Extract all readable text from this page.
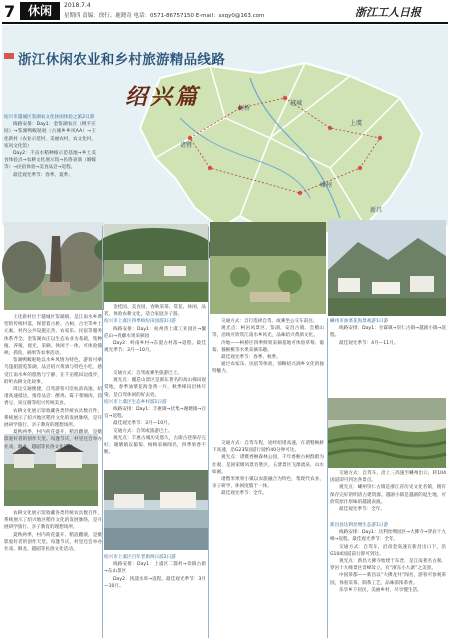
7	休闲	2018.7.4
星期四 责编：徐行、鹿晓奇 电话：0571-86757150 E-mail：sxqy0@163.com	浙江工人日报
浙江休闲农业和乡村旅游精品线路
诸暨
柯桥
越城
上虞
嵊州
新昌
绍兴篇

绍兴市越城区鉴湖农文化休闲体验之旅2日游

线路安排：Day1：金鉴湖农庄（桃平庄园）→鉴湖鸭畈哒哒（古城乡乡风AA）→王化新村（农业示范村、美丽农村、农文化村、家风文化馆）

Day2：千亩水稻种植示范基地→乡土美食体验点→农耕文化展示馆→民俗表演（婚嫁等）→民宿体验→美食品尝→返程。

最佳观光季节：春季、夏季。

王化新村位于越城区鉴湖镇，是江南水乡典型的传统村落，保留着古桥、古树、古宅等乡土元素，村内公共设施完善，农家乐、民宿等服务体系齐全。金鉴湖农庄以生态农业为基础，集种植、养殖、观光、采摘、休闲于一体，可体验插秧、抓鱼、摘果等农事活动。

鉴湖鸭畈哒哒以水乡风情为特色，游客可乘乌篷船游览鉴湖，品尝绍兴黄酒与特色小吃，感受江南水乡的悠然与宁静，在千亩稻田边漫步，聆听农耕文化故事。

周边交通便捷，自驾游客可沿杭甬高速、绍诸高速抵达。推荐品尝：醉鸡、霉干菜焖肉、茴香豆、臭豆腐等绍兴传统美食。

农耕文化展示馆收藏各类传统农具数百件，系统展示了绍兴地区稻作文化的发展脉络，是开展研学旅行、亲子教育的理想场所。

夏秋两季，村内荷花盛开、稻浪翻滚，是摄影爱好者的创作天堂。每逢节庆，村里还会举办社戏、舞龙、越剧等民俗文化活动。

农耕文化展示馆收藏各类传统农具数百件，系统展示了绍兴地区稻作文化的发展脉络，是开展研学旅行、亲子教育的理想场所。

夏秋两季，村内荷花盛开、稻浪翻滚，是摄影爱好者的创作天堂。每逢节庆，村里还会举办社戏、舞龙、越剧等民俗文化活动。

金桂园、美食园，春秋采茶、赏花、休闲、品茗、体验农耕文化，适合家庭亲子游。

绍兴市上虞区四季缤纷田园游2日游

线路安排：Day1：杭州湾上虞工业园区→覆卮山→青藤水果采摘园

Day2：岭南乡村→东澄古村落→返程。最佳观光季节：3月—10月。

交通方式：自驾或乘坐旅游巴士。

观光点：覆卮山景区是浙东著名的高山梯田观赏地，春季油菜花海金黄一片，秋季梯田层林尽染，是自驾休闲的好去处。

绍兴市上虞区生态乡村游1日游

线路安排：Day1：丰惠镇→伏集→谢塘镇→百官→返程。

最佳观光季节：3月—10月。

交通方式：自驾或旅游巴士。

观光点：丰惠古城历史悠久，古街古巷保存完好；谢塘镇以葡萄、杨梅采摘闻名，四季果香不断。

绍兴市上虞区百年老街两日游2日游

线路安排：Day1：上虞区二都村→章镇古街→东山景区

Day2：汤浦水库→返程。最佳观光季节：3月—10月。

交通方式：自行选择自驾，或乘坐公交车前往。

观光点：柯岩风景区、鉴湖、安昌古镇、会稽山等，沿线可欣赏江南水乡风光，品味绍兴黄酒文化。

冷地——柯桥区四季鲜果采摘基地可体验草莓、葡萄、猕猴桃等水果采摘乐趣。

最佳观光季节：春季、秋季。

通过农家乐、民宿等体验，领略绍兴酒乡文化的独特魅力。

交通方式：自驾车程，途经绍诸高速，在诸暨枫桥下高速，沿G235国道行驶约40分钟可达。

观光点：诸暨香榧森林公园，千年香榧古树群蔚为壮观，是国家级风景名胜区。五泄景区飞瀑流泉，山水如画。

诸暨米果果小镇以农旅融合为特色，集现代农业、亲子研学、休闲度假于一体。

最佳观光季节：全年。

嵊州市油菜花海景观游1日游

线路安排：Day1：甘霖镇→崇仁古镇→越剧小镇→返程。

最佳观光季节：4月—11月。

交通方式：自驾车，沿上三高速至嵊州出口，转104国道即可到达各景点。

观光点：嵊州崇仁古镇是浙江省历史文化名镇，拥有保存完好的明清古建筑群。越剧小镇是越剧的诞生地，可欣赏原汁原味的越剧表演。

最佳观光季节：全年。

新昌县达利丝绸生态游1日游

线路安排：Day1：达利丝绸园区→大佛寺→穿岩十九峰→返程。最佳观光季节：全年。

交通方式：自驾车，沿甬金高速在新昌出口下，沿G104国道前行即可到达。

观光点：新昌大佛寺始建于东晋，是江南著名古刹。穿岩十九峰景区奇峰耸立，有“浙东小九寨”之美誉。

中国茶都——新昌以“大佛龙井”闻名，游客可参观茶园，体验采茶、制茶工艺，品味浓浓茶香。

乐享乡下居民，美丽乡村，尽享慢生活。
